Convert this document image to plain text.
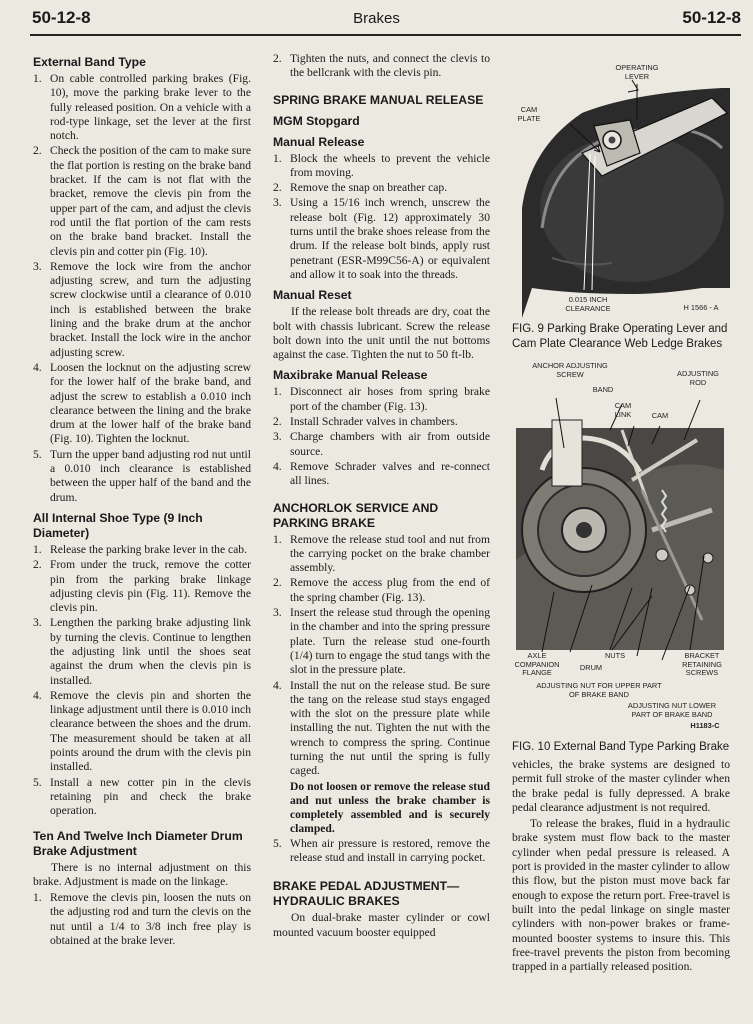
50-12-8	Brakes	50-12-8
External Band Type
1. On cable controlled parking brakes (Fig. 10), move the parking brake lever to the fully released position. On a vehicle with a rod-type linkage, set the lever at the first notch.
2. Check the position of the cam to make sure the flat portion is resting on the brake band bracket. If the cam is not flat with the bracket, remove the clevis pin from the upper part of the cam, and adjust the clevis rod until the flat portion of the cam rests on the brake band bracket. Install the clevis pin and cotter pin (Fig. 10).
3. Remove the lock wire from the anchor adjusting screw, and turn the adjusting screw clockwise until a clearance of 0.010 inch is established between the brake lining and the brake drum at the anchor bracket. Install the lock wire in the anchor adjusting screw.
4. Loosen the locknut on the adjusting screw for the lower half of the brake band, and adjust the screw to establish a 0.010 inch clearance between the lining and the brake drum at the lower half of the brake band (Fig. 10). Tighten the locknut.
5. Turn the upper band adjusting rod nut until a 0.010 inch clearance is established between the upper half of the band and the drum.
All Internal Shoe Type (9 Inch Diameter)
1. Release the parking brake lever in the cab.
2. From under the truck, remove the cotter pin from the parking brake linkage adjusting clevis pin (Fig. 11). Remove the clevis pin.
3. Lengthen the parking brake adjusting link by turning the clevis. Continue to lengthen the adjusting link until the shoes seat against the drum when the clevis pin is installed.
4. Remove the clevis pin and shorten the linkage adjustment until there is 0.010 inch clearance between the shoes and the drum. The measurement should be taken at all points around the drum with the clevis pin installed.
5. Install a new cotter pin in the clevis retaining pin and check the brake operation.
Ten And Twelve Inch Diameter Drum Brake Adjustment

There is no internal adjustment on this brake. Adjustment is made on the linkage.

1. Remove the clevis pin, loosen the nuts on the adjusting rod and turn the clevis on the nut until a 1/4 to 3/8 inch free play is obtained at the brake lever.
2. Tighten the nuts, and connect the clevis to the bellcrank with the clevis pin.
SPRING BRAKE MANUAL RELEASE
MGM Stopgard
Manual Release
1. Block the wheels to prevent the vehicle from moving.
2. Remove the snap on breather cap.
3. Using a 15/16 inch wrench, unscrew the release bolt (Fig. 12) approximately 30 turns until the brake shoes release from the drum. If the release bolt binds, apply rust penetrant (ESR-M99C56-A) or equivalent and allow it to soak into the threads.
Manual Reset

If the release bolt threads are dry, coat the bolt with chassis lubricant. Screw the release bolt down into the unit until the nut bottoms against the case. Tighten the nut to 50 ft-lb.

Maxibrake Manual Release
1. Disconnect air hoses from spring brake port of the chamber (Fig. 13).
2. Install Schrader valves in chambers.
3. Charge chambers with air from outside source.
4. Remove Schrader valves and re-connect all lines.
ANCHORLOK SERVICE AND PARKING BRAKE
1. Remove the release stud tool and nut from the carrying pocket on the brake chamber assembly.
2. Remove the access plug from the end of the spring chamber (Fig. 13).
3. Insert the release stud through the opening in the chamber and into the spring pressure plate. Turn the release stud one-fourth (1/4) turn to engage the stud tangs with the slot in the pressure plate.
4. Install the nut on the release stud. Be sure the tang on the release stud stays engaged with the slot on the pressure plate while installing the nut. Tighten the nut with the wrench to compress the spring. Continue turning the nut until the spring is fully caged.
Do not loosen or remove the release stud and nut unless the brake chamber is completely assembled and is securely clamped.
5. When air pressure is restored, remove the release stud and install in carrying pocket.
BRAKE PEDAL ADJUSTMENT— HYDRAULIC BRAKES

On dual-brake master cylinder or cowl mounted vacuum booster equipped

OPERATING LEVER
CAM PLATE
0.015 INCH CLEARANCE	H 1566 - A
FIG. 9 Parking Brake Operating Lever and Cam Plate Clearance Web Ledge Brakes
ANCHOR ADJUSTING SCREW	ADJUSTING ROD
BAND
CAM LINK	CAM
AXLE COMPANION FLANGE
DRUM
NUTS	BRACKET RETAINING SCREWS
ADJUSTING NUT FOR UPPER PART OF BRAKE BAND
ADJUSTING NUT LOWER PART OF BRAKE BAND
H1183-C
FIG. 10 External Band Type Parking Brake

vehicles, the brake systems are designed to permit full stroke of the master cylinder when the brake pedal is fully depressed. A brake pedal clearance adjustment is not required.

To release the brakes, fluid in a hydraulic brake system must flow back to the master cylinder when pedal pressure is released. A port is provided in the master cylinder to allow this flow, but the piston must move back far enough to expose the return port. Free-travel is built into the pedal linkage on single master cylinders with non-power brakes or frame-mounted booster systems to insure this. This free-travel prevents the piston from becoming trapped in a partially released position.
